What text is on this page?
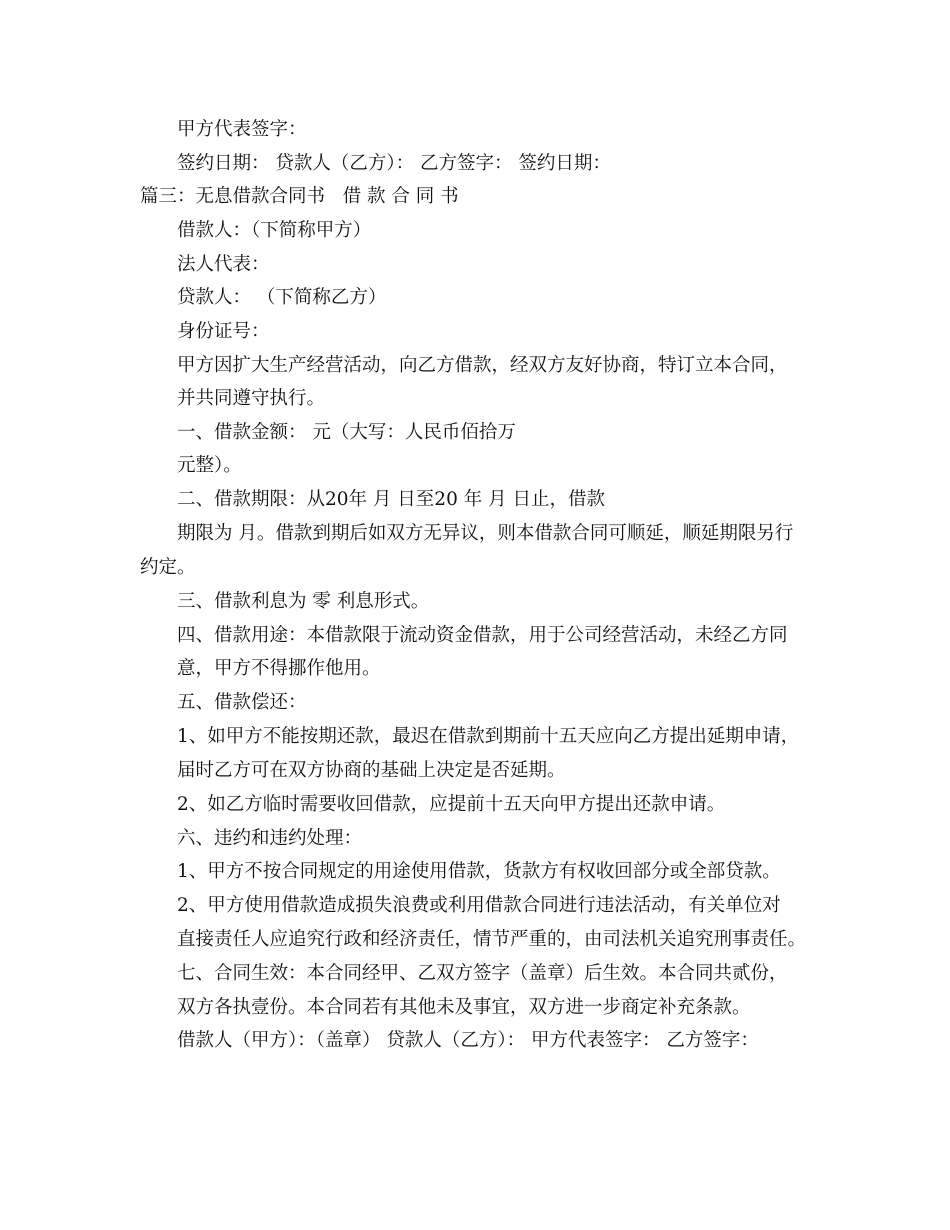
甲方代表签字：
签约日期： 贷款人（乙方）： 乙方签字： 签约日期：
篇三：无息借款合同书   借 款 合 同 书
借款人：（下简称甲方）
法人代表：
贷款人： （下简称乙方）
身份证号：
甲方因扩大生产经营活动，向乙方借款，经双方友好协商，特订立本合同，
并共同遵守执行。
一、借款金额： 元（大写：人民币佰拾万
元整）。
二、借款期限：从20年 月 日至20 年 月 日止，借款
期限为 月。借款到期后如双方无异议，则本借款合同可顺延，顺延期限另行
约定。
三、借款利息为 零 利息形式。
四、借款用途：本借款限于流动资金借款，用于公司经营活动，未经乙方同
意，甲方不得挪作他用。
五、借款偿还：
1、如甲方不能按期还款，最迟在借款到期前十五天应向乙方提出延期申请，
届时乙方可在双方协商的基础上决定是否延期。
2、如乙方临时需要收回借款，应提前十五天向甲方提出还款申请。
六、违约和违约处理：
1、甲方不按合同规定的用途使用借款，货款方有权收回部分或全部贷款。
2、甲方使用借款造成损失浪费或利用借款合同进行违法活动，有关单位对
直接责任人应追究行政和经济责任，情节严重的，由司法机关追究刑事责任。
七、合同生效：本合同经甲、乙双方签字（盖章）后生效。本合同共贰份，
双方各执壹份。本合同若有其他未及事宜，双方进一步商定补充条款。
借款人（甲方）：（盖章） 贷款人（乙方）： 甲方代表签字： 乙方签字：
